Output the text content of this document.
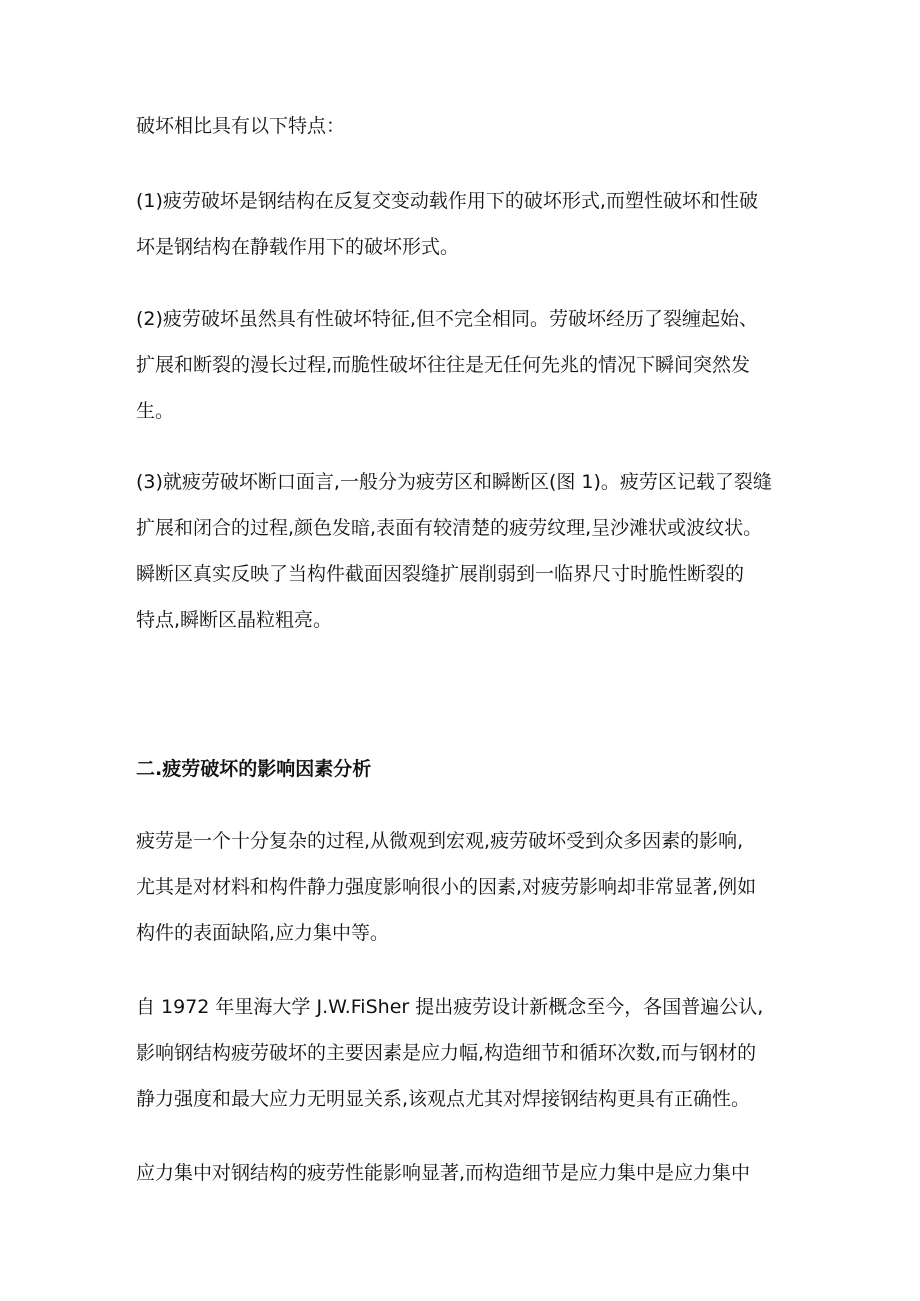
破坏相比具有以下特点：

(1)疲劳破坏是钢结构在反复交变动载作用下的破坏形式,而塑性破坏和性破
坏是钢结构在静载作用下的破坏形式。

(2)疲劳破坏虽然具有性破坏特征,但不完全相同。劳破坏经历了裂缠起始、
扩展和断裂的漫长过程,而脆性破坏往往是无任何先兆的情况下瞬间突然发
生。

(3)就疲劳破坏断口面言,一般分为疲劳区和瞬断区(图 1)。疲劳区记载了裂缝
扩展和闭合的过程,颜色发暗,表面有较清楚的疲劳纹理,呈沙滩状或波纹状。
瞬断区真实反映了当构件截面因裂缝扩展削弱到一临界尺寸时脆性断裂的
特点,瞬断区晶粒粗亮。

二.疲劳破坏的影响因素分析

疲劳是一个十分复杂的过程,从微观到宏观,疲劳破坏受到众多因素的影响,
尤其是对材料和构件静力强度影响很小的因素,对疲劳影响却非常显著,例如
构件的表面缺陷,应力集中等。

自 1972 年里海大学 J.W.FiSher 提出疲劳设计新概念至今，各国普遍公认,
影响钢结构疲劳破坏的主要因素是应力幅,构造细节和循环次数,而与钢材的
静力强度和最大应力无明显关系,该观点尤其对焊接钢结构更具有正确性。

应力集中对钢结构的疲劳性能影响显著,而构造细节是应力集中是应力集中
